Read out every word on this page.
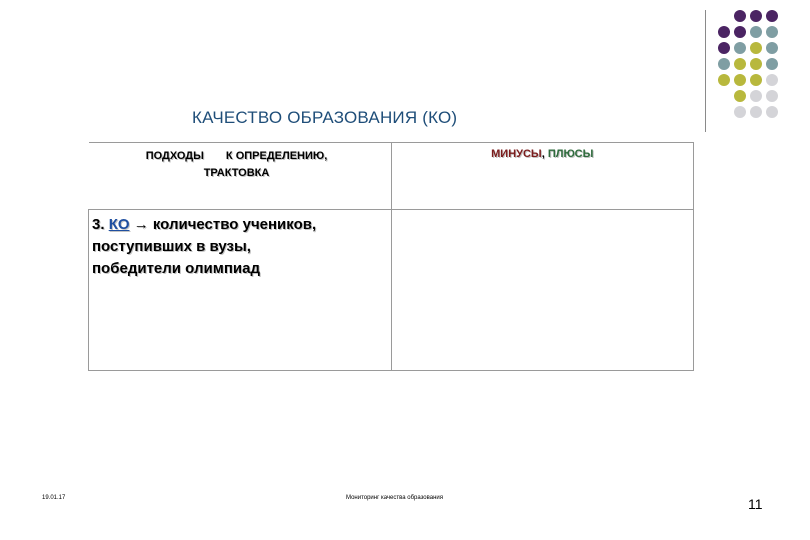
КАЧЕСТВО ОБРАЗОВАНИЯ (КО)
ПОДХОДЫ К ОПРЕДЕЛЕНИЮ,
ТРАКТОВКА	МИНУСЫ, ПЛЮСЫ

3. КО → количество учеников,
поступивших в вузы,
победители олимпиад	

19.01.17	Мониторинг качества образования	11
